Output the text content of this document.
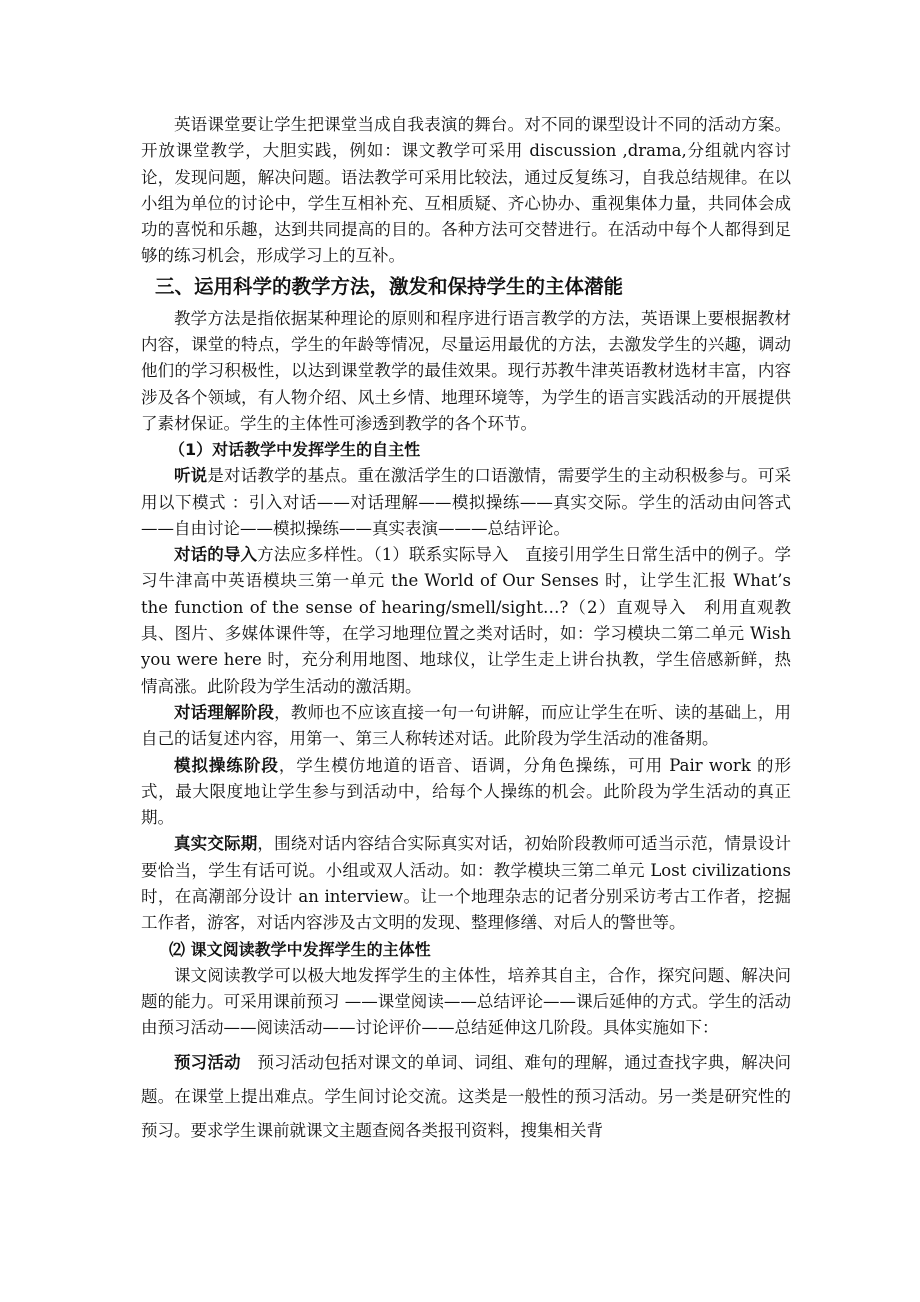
英语课堂要让学生把课堂当成自我表演的舞台。对不同的课型设计不同的活动方案。开放课堂教学，大胆实践，例如：课文教学可采用 discussion ,drama,分组就内容讨论，发现问题，解决问题。语法教学可采用比较法，通过反复练习，自我总结规律。在以小组为单位的讨论中，学生互相补充、互相质疑、齐心协办、重视集体力量，共同体会成功的喜悦和乐趣，达到共同提高的目的。各种方法可交替进行。在活动中每个人都得到足够的练习机会，形成学习上的互补。

三、运用科学的教学方法，激发和保持学生的主体潜能

教学方法是指依据某种理论的原则和程序进行语言教学的方法，英语课上要根据教材内容，课堂的特点，学生的年龄等情况，尽量运用最优的方法，去激发学生的兴趣，调动他们的学习积极性，以达到课堂教学的最佳效果。现行苏教牛津英语教材选材丰富，内容涉及各个领域，有人物介绍、风土乡情、地理环境等，为学生的语言实践活动的开展提供了素材保证。学生的主体性可渗透到教学的各个环节。

（1）对话教学中发挥学生的自主性

听说是对话教学的基点。重在激活学生的口语激情，需要学生的主动积极参与。可采用以下模式 ：引入对话——对话理解——模拟操练——真实交际。学生的活动由问答式——自由讨论——模拟操练——真实表演———总结评论。

对话的导入方法应多样性。（1）联系实际导入　直接引用学生日常生活中的例子。学习牛津高中英语模块三第一单元 the World of Our Senses 时，让学生汇报 What’s the function of the sense of hearing/smell/sight…?（2）直观导入　利用直观教具、图片、多媒体课件等，在学习地理位置之类对话时，如：学习模块二第二单元 Wish you were here 时，充分利用地图、地球仪，让学生走上讲台执教，学生倍感新鲜，热情高涨。此阶段为学生活动的激活期。

对话理解阶段，教师也不应该直接一句一句讲解，而应让学生在听、读的基础上，用自己的话复述内容，用第一、第三人称转述对话。此阶段为学生活动的准备期。

模拟操练阶段，学生模仿地道的语音、语调，分角色操练，可用 Pair work 的形式，最大限度地让学生参与到活动中，给每个人操练的机会。此阶段为学生活动的真正期。

真实交际期，围绕对话内容结合实际真实对话，初始阶段教师可适当示范，情景设计要恰当，学生有话可说。小组或双人活动。如：教学模块三第二单元 Lost civilizations 时，在高潮部分设计 an interview。让一个地理杂志的记者分别采访考古工作者，挖掘工作者，游客，对话内容涉及古文明的发现、整理修缮、对后人的警世等。

⑵ 课文阅读教学中发挥学生的主体性

课文阅读教学可以极大地发挥学生的主体性，培养其自主，合作，探究问题、解决问题的能力。可采用课前预习 ——课堂阅读——总结评论——课后延伸的方式。学生的活动由预习活动——阅读活动——讨论评价——总结延伸这几阶段。具体实施如下：

预习活动　预习活动包括对课文的单词、词组、难句的理解，通过查找字典，解决问题。在课堂上提出难点。学生间讨论交流。这类是一般性的预习活动。另一类是研究性的预习。要求学生课前就课文主题查阅各类报刊资料，搜集相关背
